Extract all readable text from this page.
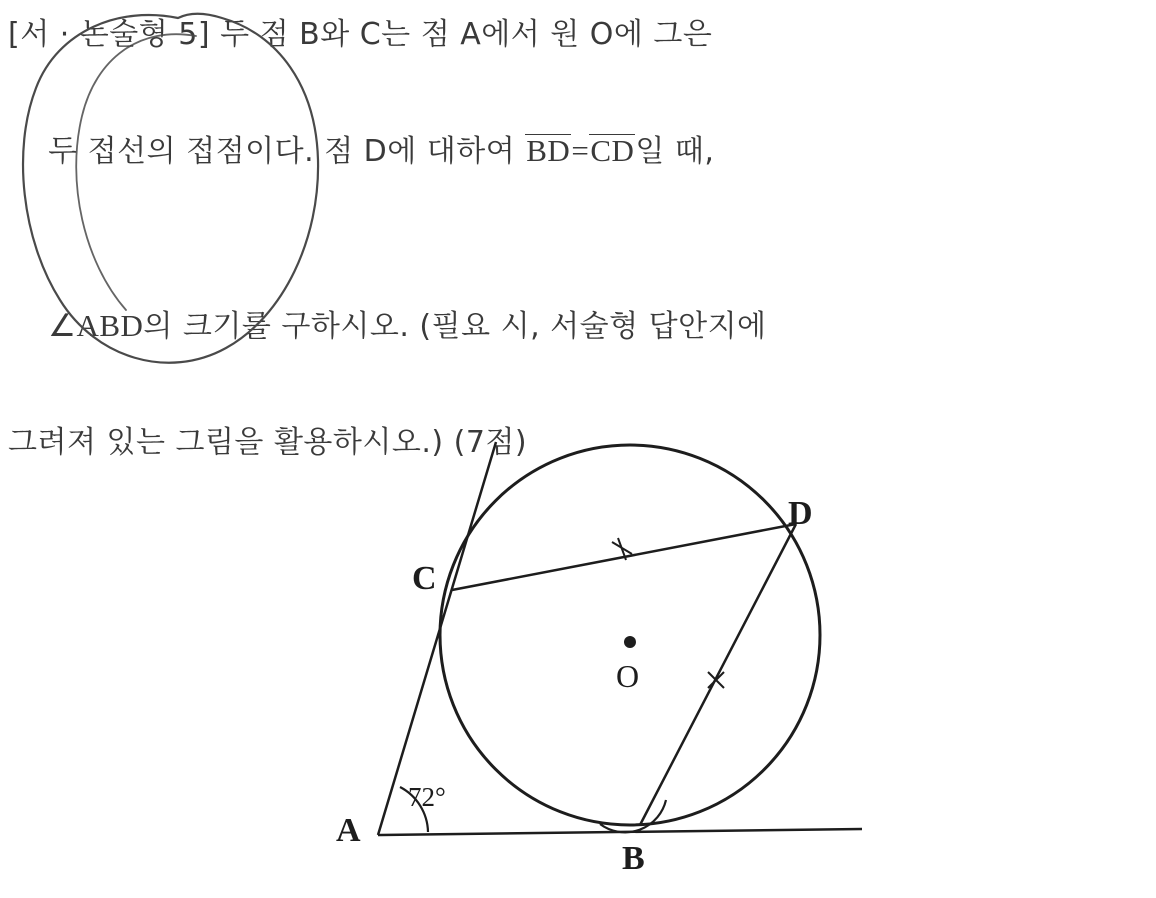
[서 · 논술형 5] 두 점 B와 C는 점 A에서 원 O에 그은

두 접선의 접점이다. 점 D에 대하여 BD=CD일 때,

∠ABD의 크기를 구하시오. (필요 시, 서술형 답안지에

그려져 있는 그림을 활용하시오.) (7점)
A
B
C
D
O
72°
